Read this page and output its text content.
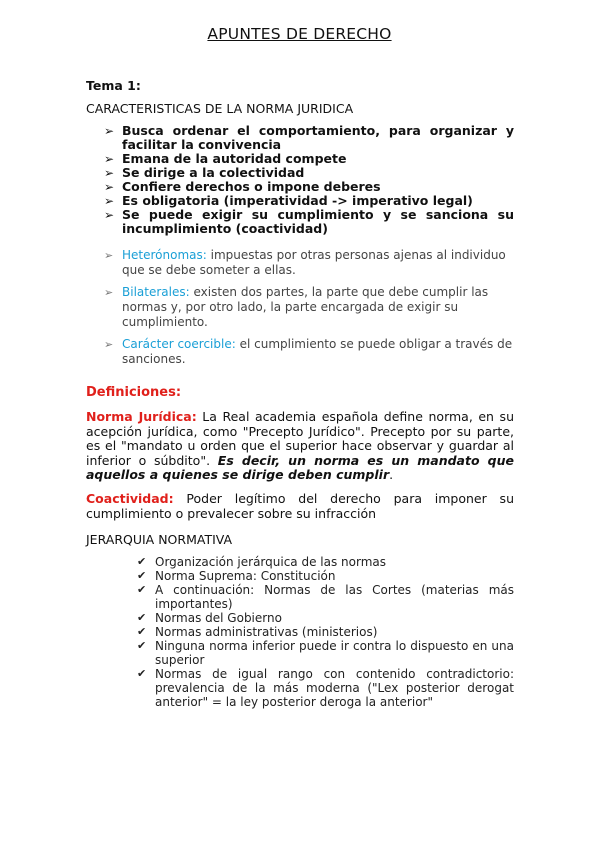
APUNTES DE DERECHO
Tema 1:
CARACTERISTICAS DE LA NORMA JURIDICA
➢ Busca ordenar el comportamiento, para organizar y facilitar la convivencia
➢ Emana de la autoridad compete
➢ Se dirige a la colectividad
➢ Confiere derechos o impone deberes
➢ Es obligatoria (imperatividad -> imperativo legal)
➢ Se puede exigir su cumplimiento y se sanciona su incumplimiento (coactividad)
➢ Heterónomas: impuestas por otras personas ajenas al individuo que se debe someter a ellas.
➢ Bilaterales: existen dos partes, la parte que debe cumplir las normas y, por otro lado, la parte encargada de exigir su cumplimiento.
➢ Carácter coercible: el cumplimiento se puede obligar a través de sanciones.
Definiciones:

Norma Jurídica: La Real academia española define norma, en su acepción jurídica, como "Precepto Jurídico". Precepto por su parte, es el "mandato u orden que el superior hace observar y guardar al inferior o súbdito". Es decir, un norma es un mandato que aquellos a quienes se dirige deben cumplir.

Coactividad: Poder legítimo del derecho para imponer su cumplimiento o prevalecer sobre su infracción

JERARQUIA NORMATIVA
✔ Organización jerárquica de las normas
✔ Norma Suprema: Constitución
✔ A continuación: Normas de las Cortes (materias más importantes)
✔ Normas del Gobierno
✔ Normas administrativas (ministerios)
✔ Ninguna norma inferior puede ir contra lo dispuesto en una superior
✔ Normas de igual rango con contenido contradictorio: prevalencia de la más moderna ("Lex posterior derogat anterior" = la ley posterior deroga la anterior"
